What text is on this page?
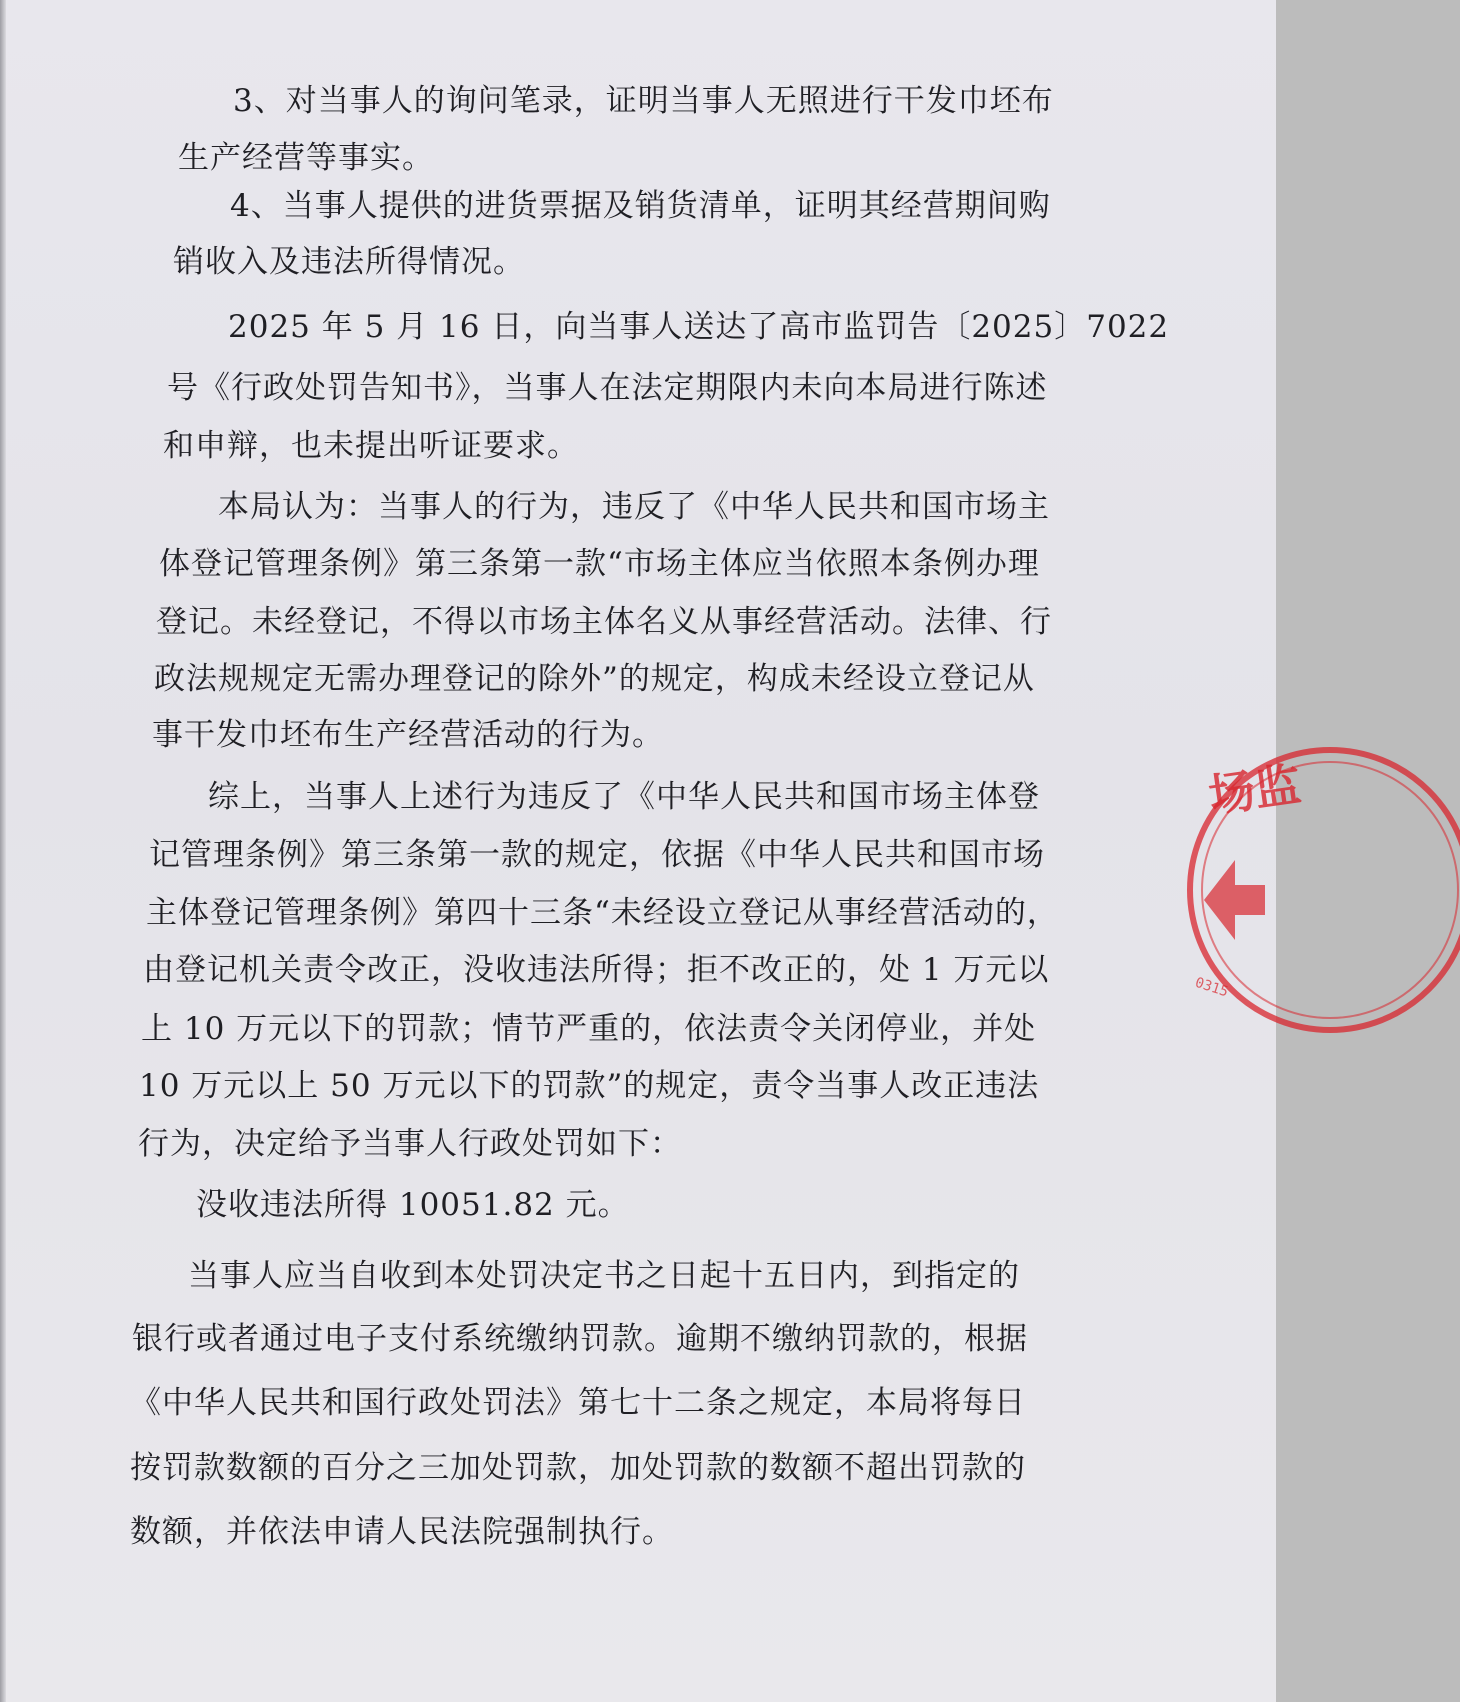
3、对当事人的询问笔录，证明当事人无照进行干发巾坯布
生产经营等事实。
4、当事人提供的进货票据及销货清单，证明其经营期间购
销收入及违法所得情况。
2025 年 5 月 16 日，向当事人送达了高市监罚告〔2025〕7022
号《行政处罚告知书》，当事人在法定期限内未向本局进行陈述
和申辩，也未提出听证要求。
本局认为：当事人的行为，违反了《中华人民共和国市场主
体登记管理条例》第三条第一款“市场主体应当依照本条例办理
登记。未经登记，不得以市场主体名义从事经营活动。法律、行
政法规规定无需办理登记的除外”的规定，构成未经设立登记从
事干发巾坯布生产经营活动的行为。
综上，当事人上述行为违反了《中华人民共和国市场主体登
记管理条例》第三条第一款的规定，依据《中华人民共和国市场
主体登记管理条例》第四十三条“未经设立登记从事经营活动的，
由登记机关责令改正，没收违法所得；拒不改正的，处 1 万元以
上 10 万元以下的罚款；情节严重的，依法责令关闭停业，并处
10 万元以上 50 万元以下的罚款”的规定，责令当事人改正违法
行为，决定给予当事人行政处罚如下：
没收违法所得 10051.82 元。
当事人应当自收到本处罚决定书之日起十五日内，到指定的
银行或者通过电子支付系统缴纳罚款。逾期不缴纳罚款的，根据
《中华人民共和国行政处罚法》第七十二条之规定，本局将每日
按罚款数额的百分之三加处罚款，加处罚款的数额不超出罚款的
数额，并依法申请人民法院强制执行。
场监
0315
